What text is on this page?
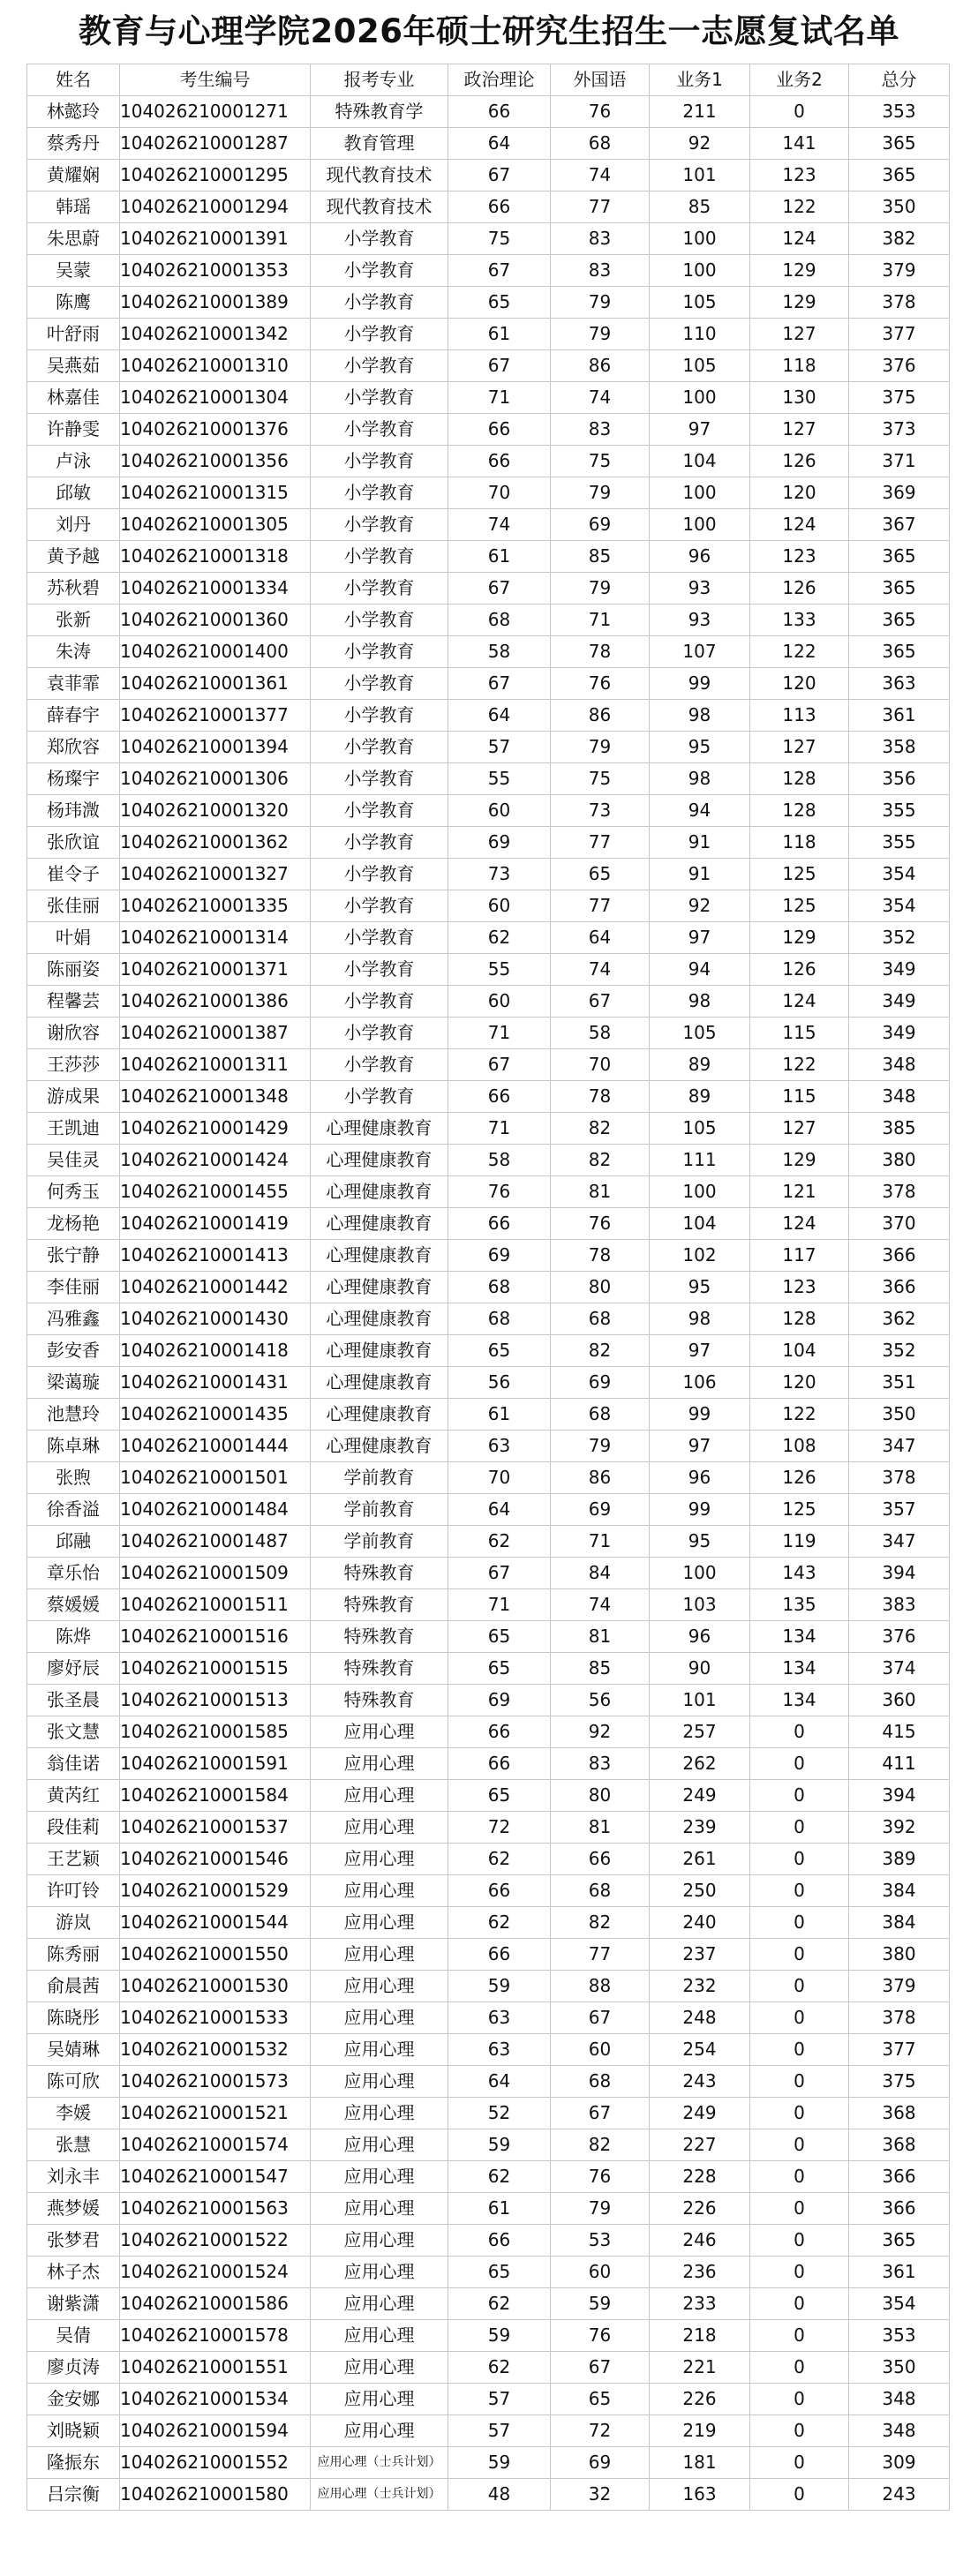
教育与心理学院2026年硕士研究生招生一志愿复试名单
姓名	考生编号	报考专业	政治理论	外国语	业务1	业务2	总分
林懿玲	104026210001271	特殊教育学	66	76	211	0	353
蔡秀丹	104026210001287	教育管理	64	68	92	141	365
黄耀娴	104026210001295	现代教育技术	67	74	101	123	365
韩瑶	104026210001294	现代教育技术	66	77	85	122	350
朱思蔚	104026210001391	小学教育	75	83	100	124	382
吴蒙	104026210001353	小学教育	67	83	100	129	379
陈鹰	104026210001389	小学教育	65	79	105	129	378
叶舒雨	104026210001342	小学教育	61	79	110	127	377
吴燕茹	104026210001310	小学教育	67	86	105	118	376
林嘉佳	104026210001304	小学教育	71	74	100	130	375
许静雯	104026210001376	小学教育	66	83	97	127	373
卢泳	104026210001356	小学教育	66	75	104	126	371
邱敏	104026210001315	小学教育	70	79	100	120	369
刘丹	104026210001305	小学教育	74	69	100	124	367
黄予越	104026210001318	小学教育	61	85	96	123	365
苏秋碧	104026210001334	小学教育	67	79	93	126	365
张新	104026210001360	小学教育	68	71	93	133	365
朱涛	104026210001400	小学教育	58	78	107	122	365
袁菲霏	104026210001361	小学教育	67	76	99	120	363
薛春宇	104026210001377	小学教育	64	86	98	113	361
郑欣容	104026210001394	小学教育	57	79	95	127	358
杨璨宇	104026210001306	小学教育	55	75	98	128	356
杨玮溦	104026210001320	小学教育	60	73	94	128	355
张欣谊	104026210001362	小学教育	69	77	91	118	355
崔令子	104026210001327	小学教育	73	65	91	125	354
张佳丽	104026210001335	小学教育	60	77	92	125	354
叶娟	104026210001314	小学教育	62	64	97	129	352
陈丽姿	104026210001371	小学教育	55	74	94	126	349
程馨芸	104026210001386	小学教育	60	67	98	124	349
谢欣容	104026210001387	小学教育	71	58	105	115	349
王莎莎	104026210001311	小学教育	67	70	89	122	348
游成果	104026210001348	小学教育	66	78	89	115	348
王凯迪	104026210001429	心理健康教育	71	82	105	127	385
吴佳灵	104026210001424	心理健康教育	58	82	111	129	380
何秀玉	104026210001455	心理健康教育	76	81	100	121	378
龙杨艳	104026210001419	心理健康教育	66	76	104	124	370
张宁静	104026210001413	心理健康教育	69	78	102	117	366
李佳丽	104026210001442	心理健康教育	68	80	95	123	366
冯雅鑫	104026210001430	心理健康教育	68	68	98	128	362
彭安香	104026210001418	心理健康教育	65	82	97	104	352
梁蔼璇	104026210001431	心理健康教育	56	69	106	120	351
池慧玲	104026210001435	心理健康教育	61	68	99	122	350
陈卓琳	104026210001444	心理健康教育	63	79	97	108	347
张煦	104026210001501	学前教育	70	86	96	126	378
徐香溢	104026210001484	学前教育	64	69	99	125	357
邱融	104026210001487	学前教育	62	71	95	119	347
章乐怡	104026210001509	特殊教育	67	84	100	143	394
蔡媛媛	104026210001511	特殊教育	71	74	103	135	383
陈烨	104026210001516	特殊教育	65	81	96	134	376
廖妤辰	104026210001515	特殊教育	65	85	90	134	374
张圣晨	104026210001513	特殊教育	69	56	101	134	360
张文慧	104026210001585	应用心理	66	92	257	0	415
翁佳诺	104026210001591	应用心理	66	83	262	0	411
黄芮红	104026210001584	应用心理	65	80	249	0	394
段佳莉	104026210001537	应用心理	72	81	239	0	392
王艺颖	104026210001546	应用心理	62	66	261	0	389
许叮铃	104026210001529	应用心理	66	68	250	0	384
游岚	104026210001544	应用心理	62	82	240	0	384
陈秀丽	104026210001550	应用心理	66	77	237	0	380
俞晨茜	104026210001530	应用心理	59	88	232	0	379
陈晓彤	104026210001533	应用心理	63	67	248	0	378
吴婧琳	104026210001532	应用心理	63	60	254	0	377
陈可欣	104026210001573	应用心理	64	68	243	0	375
李媛	104026210001521	应用心理	52	67	249	0	368
张慧	104026210001574	应用心理	59	82	227	0	368
刘永丰	104026210001547	应用心理	62	76	228	0	366
燕梦媛	104026210001563	应用心理	61	79	226	0	366
张梦君	104026210001522	应用心理	66	53	246	0	365
林子杰	104026210001524	应用心理	65	60	236	0	361
谢紫潇	104026210001586	应用心理	62	59	233	0	354
吴倩	104026210001578	应用心理	59	76	218	0	353
廖贞涛	104026210001551	应用心理	62	67	221	0	350
金安娜	104026210001534	应用心理	57	65	226	0	348
刘晓颖	104026210001594	应用心理	57	72	219	0	348
隆振东	104026210001552	应用心理（士兵计划）	59	69	181	0	309
吕宗衡	104026210001580	应用心理（士兵计划）	48	32	163	0	243
